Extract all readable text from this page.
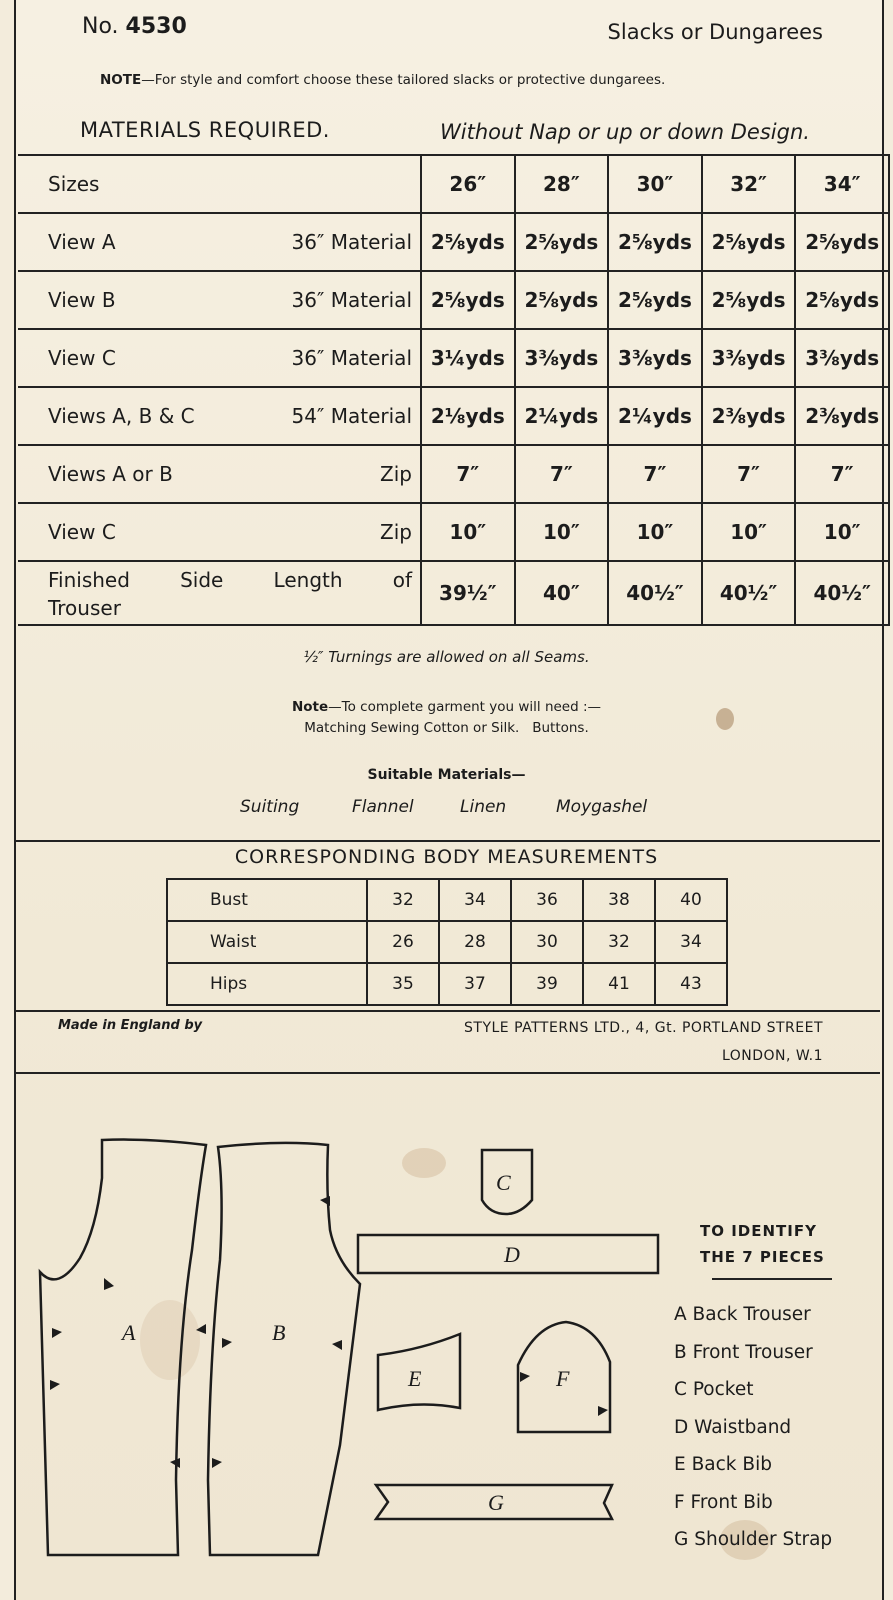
No. 4530	Slacks or Dungarees
NOTE—For style and comfort choose these tailored slacks or protective dungarees.
MATERIALS REQUIRED.	Without Nap or up or down Design.
Sizes	26″	28″	30″	32″	34″

View A 36″ Material	2⅝yds	2⅝yds	2⅝yds	2⅝yds	2⅝yds

View B 36″ Material	2⅝yds	2⅝yds	2⅝yds	2⅝yds	2⅝yds

View C 36″ Material	3¼yds	3⅜yds	3⅜yds	3⅜yds	3⅜yds

Views A, B & C 54″ Material	2⅛yds	2¼yds	2¼yds	2⅜yds	2⅜yds

Views A or B Zip	7″	7″	7″	7″	7″

View C Zip	10″	10″	10″	10″	10″

Finished Side Length of
Trouser	39½″	40″	40½″	40½″	40½″
½″ Turnings are allowed on all Seams.
Note—To complete garment you will need :—
Matching Sewing Cotton or Silk.   Buttons.
Suitable Materials—
Suiting	Flannel	Linen	Moygashel
CORRESPONDING BODY MEASUREMENTS
Bust	32	34	36	38	40
Waist	26	28	30	32	34
Hips	35	37	39	41	43
Made in England by	STYLE PATTERNS LTD., 4, Gt. PORTLAND STREET
LONDON, W.1
A	B
C
D
E	F
G
TO IDENTIFY
THE 7 PIECES
A Back Trouser
B Front Trouser
C Pocket
D Waistband
E Back Bib
F Front Bib
G Shoulder Strap
